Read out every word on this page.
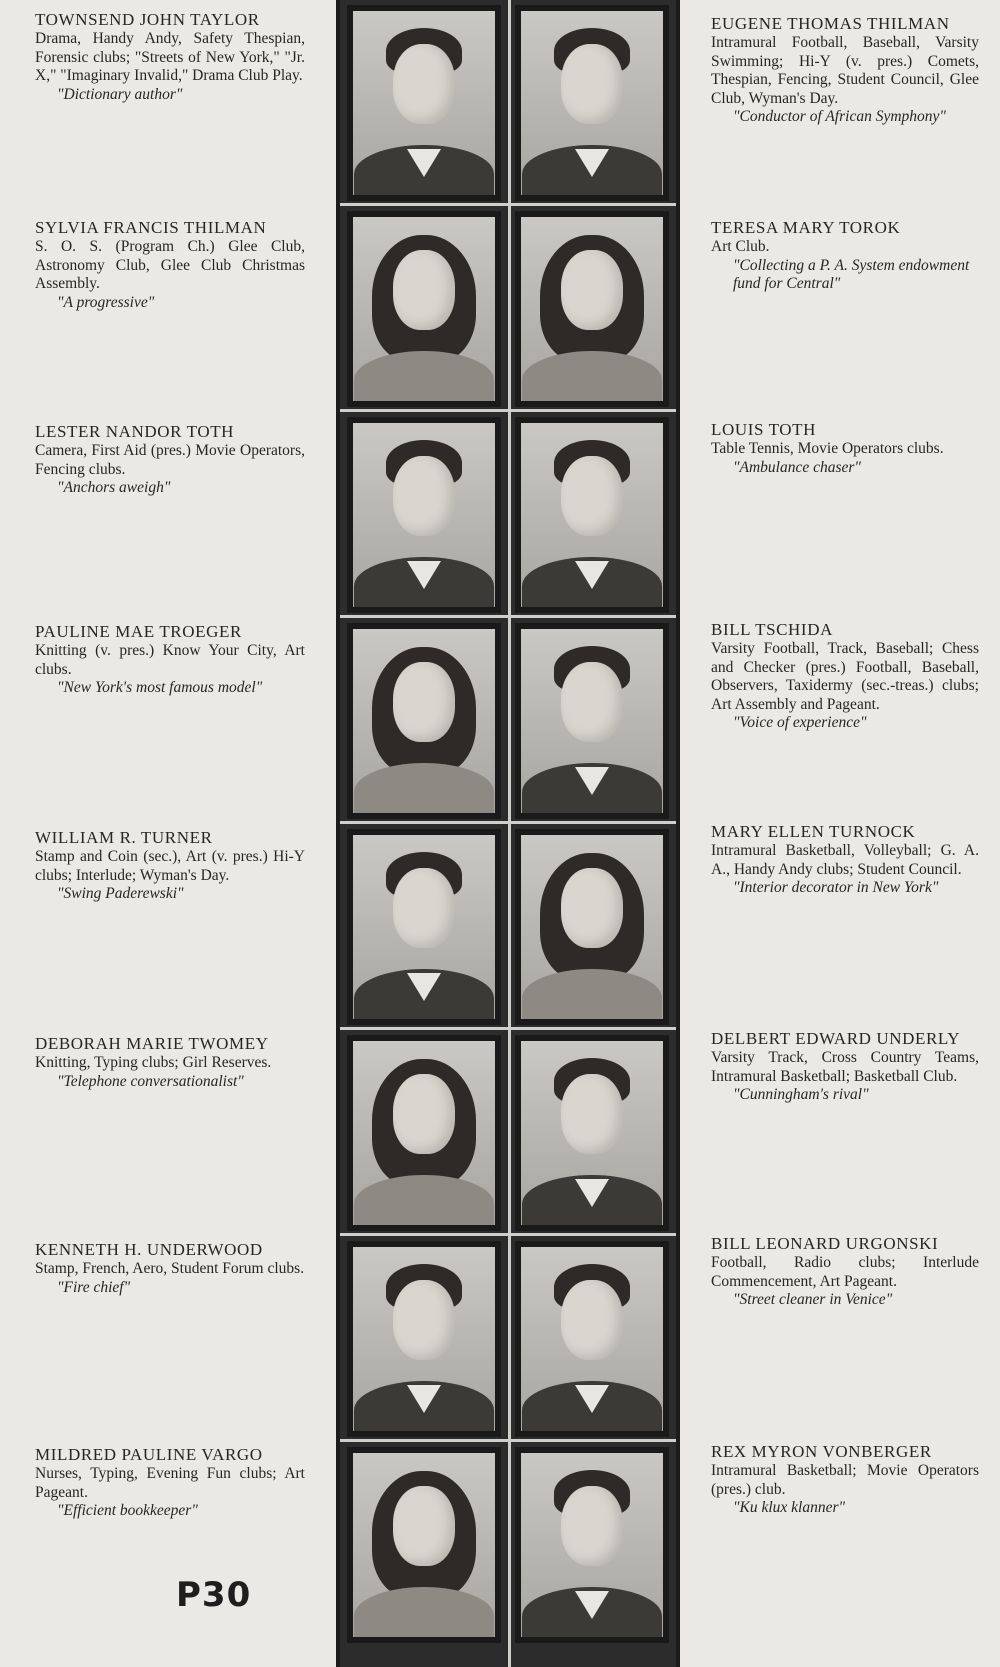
TOWNSEND JOHN TAYLOR
Drama, Handy Andy, Safety Thespian, Forensic clubs; "Streets of New York," "Jr. X," "Imaginary Invalid," Drama Club Play.
"Dictionary author"
SYLVIA FRANCIS THILMAN
S. O. S. (Program Ch.) Glee Club, Astronomy Club, Glee Club Christmas Assembly.
"A progressive"
LESTER NANDOR TOTH
Camera, First Aid (pres.) Movie Operators, Fencing clubs.
"Anchors aweigh"
PAULINE MAE TROEGER
Knitting (v. pres.) Know Your City, Art clubs.
"New York's most famous model"
WILLIAM R. TURNER
Stamp and Coin (sec.), Art (v. pres.) Hi-Y clubs; Interlude; Wyman's Day.
"Swing Paderewski"
DEBORAH MARIE TWOMEY
Knitting, Typing clubs; Girl Reserves.
"Telephone conversationalist"
KENNETH H. UNDERWOOD
Stamp, French, Aero, Student Forum clubs.
"Fire chief"
MILDRED PAULINE VARGO
Nurses, Typing, Evening Fun clubs; Art Pageant.
"Efficient bookkeeper"
EUGENE THOMAS THILMAN
Intramural Football, Baseball, Varsity Swimming; Hi-Y (v. pres.) Comets, Thespian, Fencing, Student Council, Glee Club, Wyman's Day.
"Conductor of African Symphony"
TERESA MARY TOROK
Art Club.
"Collecting a P. A. System endowment fund for Central"
LOUIS TOTH
Table Tennis, Movie Operators clubs.
"Ambulance chaser"
BILL TSCHIDA
Varsity Football, Track, Baseball; Chess and Checker (pres.) Football, Baseball, Observers, Taxidermy (sec.-treas.) clubs; Art Assembly and Pageant.
"Voice of experience"
MARY ELLEN TURNOCK
Intramural Basketball, Volleyball; G. A. A., Handy Andy clubs; Student Council.
"Interior decorator in New York"
DELBERT EDWARD UNDERLY
Varsity Track, Cross Country Teams, Intramural Basketball; Basketball Club.
"Cunningham's rival"
BILL LEONARD URGONSKI
Football, Radio clubs; Interlude Commencement, Art Pageant.
"Street cleaner in Venice"
REX MYRON VONBERGER
Intramural Basketball; Movie Operators (pres.) club.
"Ku klux klanner"
P30
